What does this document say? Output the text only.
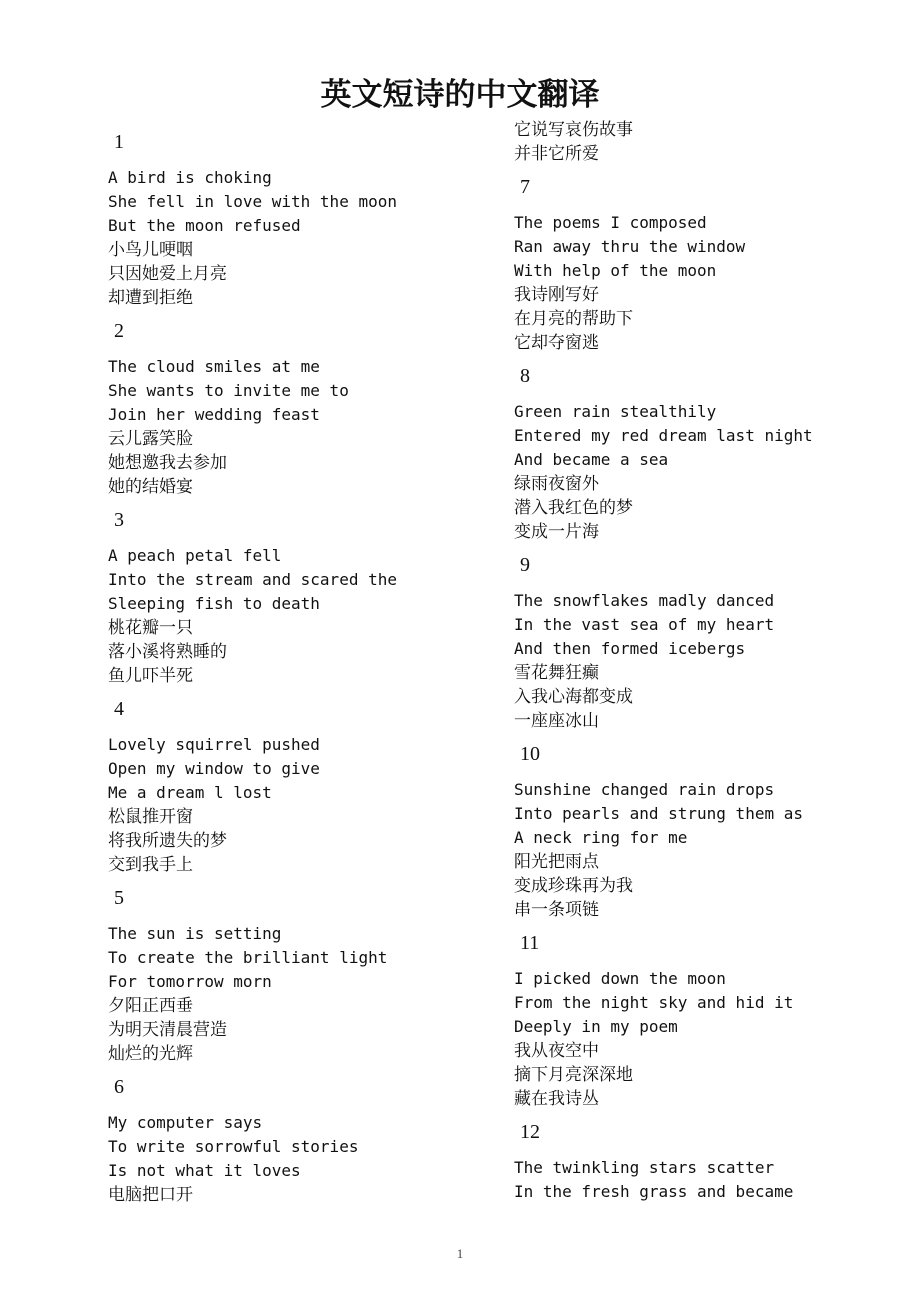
英文短诗的中文翻译
1
A bird is choking
She fell in love with the moon
But the moon refused
小鸟儿哽咽
只因她爱上月亮
却遭到拒绝
2
The cloud smiles at me
She wants to invite me to
Join her wedding feast
云儿露笑脸
她想邀我去参加
她的结婚宴
3
A peach petal fell
Into the stream and scared the
Sleeping fish to death
桃花瓣一只
落小溪将熟睡的
鱼儿吓半死
4
Lovely squirrel pushed
Open my window to give
Me a dream l lost
松鼠推开窗
将我所遗失的梦
交到我手上
5
The sun is setting
To create the brilliant light
For tomorrow morn
夕阳正西垂
为明天清晨营造
灿烂的光辉
6
My computer says
To write sorrowful stories
Is not what it loves
电脑把口开
它说写哀伤故事
并非它所爱
7
The poems I composed
Ran away thru the window
With help of the moon
我诗刚写好
在月亮的帮助下
它却夺窗逃
8
Green rain stealthily
Entered my red dream last night
And became a sea
绿雨夜窗外
潜入我红色的梦
变成一片海
9
The snowflakes madly danced
In the vast sea of my heart
And then formed icebergs
雪花舞狂癫
入我心海都变成
一座座冰山
10
Sunshine changed rain drops
Into pearls and strung them as
A neck ring for me
阳光把雨点
变成珍珠再为我
串一条项链
11
I picked down the moon
From the night sky and hid it
Deeply in my poem
我从夜空中
摘下月亮深深地
藏在我诗丛
12
The twinkling stars scatter
In the fresh grass and became
1
